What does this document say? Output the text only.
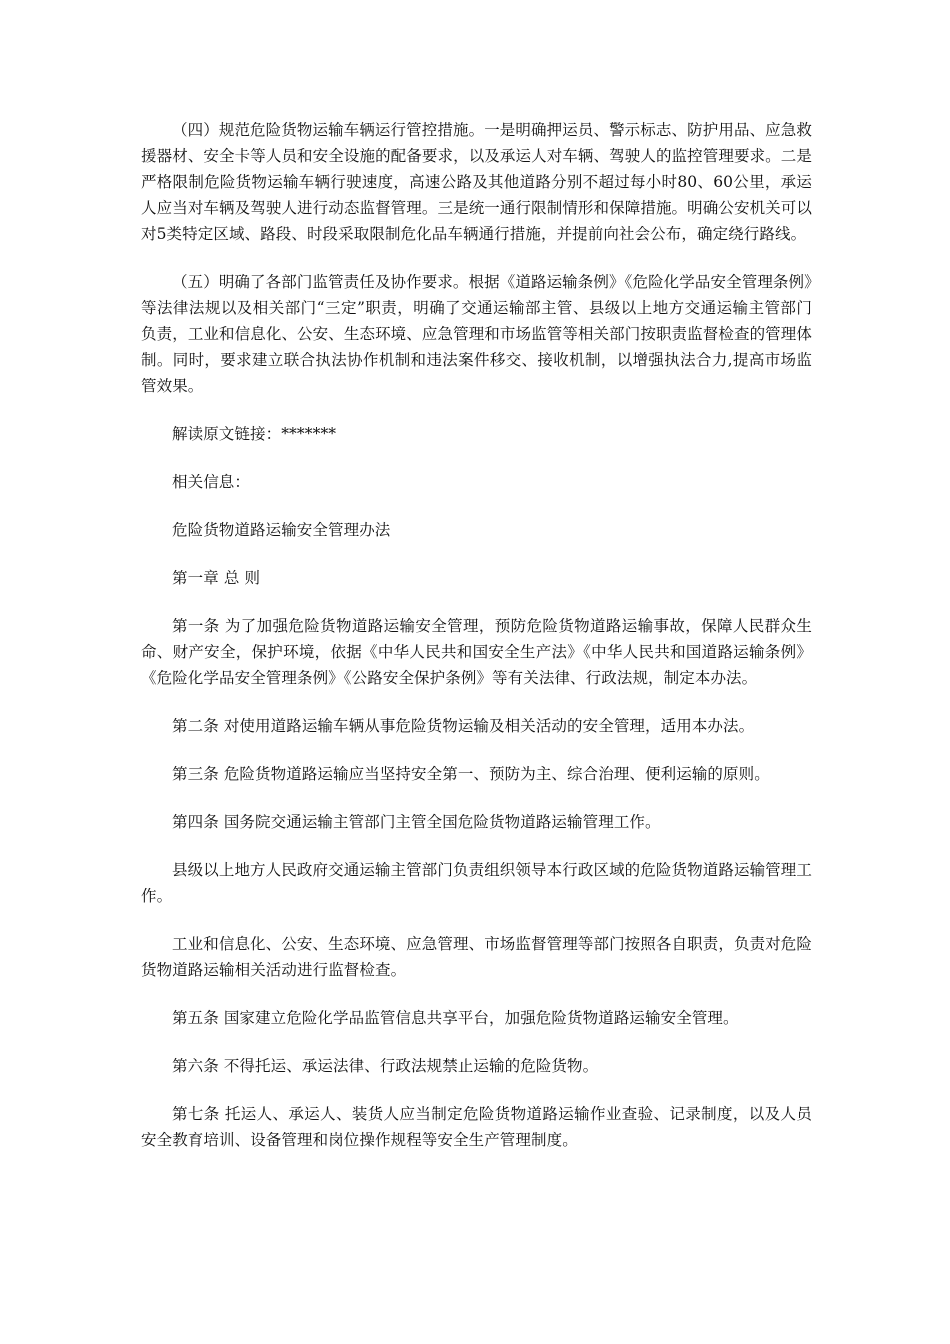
（四）规范危险货物运输车辆运行管控措施。一是明确押运员、警示标志、防护用品、应急救援器材、安全卡等人员和安全设施的配备要求，以及承运人对车辆、驾驶人的监控管理要求。二是严格限制危险货物运输车辆行驶速度，高速公路及其他道路分别不超过每小时80、60公里，承运人应当对车辆及驾驶人进行动态监督管理。三是统一通行限制情形和保障措施。明确公安机关可以对5类特定区域、路段、时段采取限制危化品车辆通行措施，并提前向社会公布，确定绕行路线。

（五）明确了各部门监管责任及协作要求。根据《道路运输条例》《危险化学品安全管理条例》等法律法规以及相关部门“三定”职责，明确了交通运输部主管、县级以上地方交通运输主管部门负责，工业和信息化、公安、生态环境、应急管理和市场监管等相关部门按职责监督检查的管理体制。同时，要求建立联合执法协作机制和违法案件移交、接收机制，以增强执法合力,提高市场监管效果。

解读原文链接：*******

相关信息：

危险货物道路运输安全管理办法

第一章 总 则

第一条 为了加强危险货物道路运输安全管理，预防危险货物道路运输事故，保障人民群众生命、财产安全，保护环境，依据《中华人民共和国安全生产法》《中华人民共和国道路运输条例》《危险化学品安全管理条例》《公路安全保护条例》等有关法律、行政法规，制定本办法。

第二条 对使用道路运输车辆从事危险货物运输及相关活动的安全管理，适用本办法。

第三条 危险货物道路运输应当坚持安全第一、预防为主、综合治理、便利运输的原则。

第四条 国务院交通运输主管部门主管全国危险货物道路运输管理工作。

县级以上地方人民政府交通运输主管部门负责组织领导本行政区域的危险货物道路运输管理工作。

工业和信息化、公安、生态环境、应急管理、市场监督管理等部门按照各自职责，负责对危险货物道路运输相关活动进行监督检查。

第五条 国家建立危险化学品监管信息共享平台，加强危险货物道路运输安全管理。

第六条 不得托运、承运法律、行政法规禁止运输的危险货物。

第七条 托运人、承运人、装货人应当制定危险货物道路运输作业查验、记录制度，以及人员安全教育培训、设备管理和岗位操作规程等安全生产管理制度。
